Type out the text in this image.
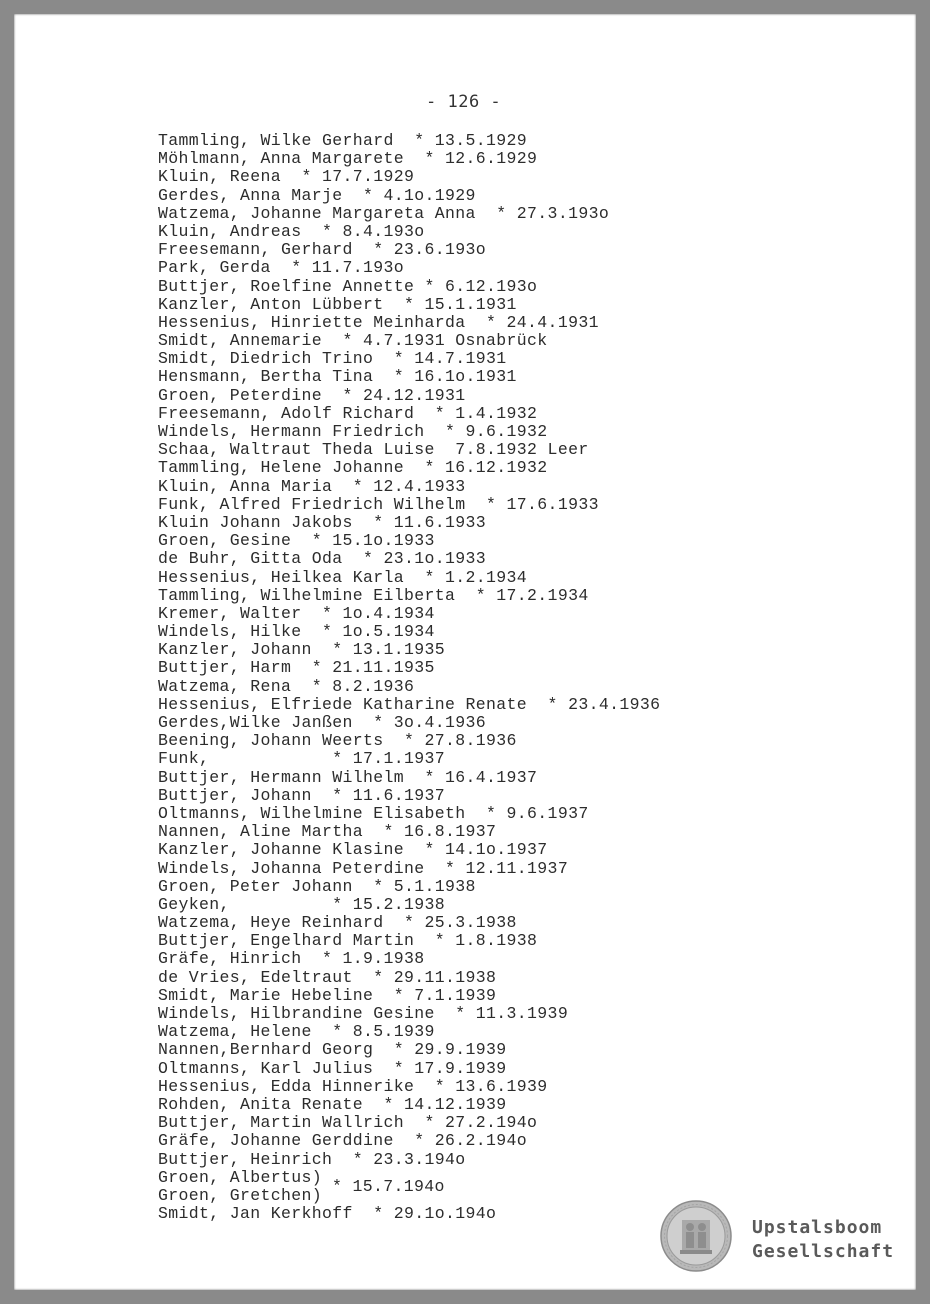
- 126 -
Tammling, Wilke Gerhard  * 13.5.1929
Möhlmann, Anna Margarete  * 12.6.1929
Kluin, Reena  * 17.7.1929
Gerdes, Anna Marje  * 4.1o.1929
Watzema, Johanne Margareta Anna  * 27.3.193o
Kluin, Andreas  * 8.4.193o
Freesemann, Gerhard  * 23.6.193o
Park, Gerda  * 11.7.193o
Buttjer, Roelfine Annette * 6.12.193o
Kanzler, Anton Lübbert  * 15.1.1931
Hessenius, Hinriette Meinharda  * 24.4.1931
Smidt, Annemarie  * 4.7.1931 Osnabrück
Smidt, Diedrich Trino  * 14.7.1931
Hensmann, Bertha Tina  * 16.1o.1931
Groen, Peterdine  * 24.12.1931
Freesemann, Adolf Richard  * 1.4.1932
Windels, Hermann Friedrich  * 9.6.1932
Schaa, Waltraut Theda Luise  7.8.1932 Leer
Tammling, Helene Johanne  * 16.12.1932
Kluin, Anna Maria  * 12.4.1933
Funk, Alfred Friedrich Wilhelm  * 17.6.1933
Kluin Johann Jakobs  * 11.6.1933
Groen, Gesine  * 15.1o.1933
de Buhr, Gitta Oda  * 23.1o.1933
Hessenius, Heilkea Karla  * 1.2.1934
Tammling, Wilhelmine Eilberta  * 17.2.1934
Kremer, Walter  * 1o.4.1934
Windels, Hilke  * 1o.5.1934
Kanzler, Johann  * 13.1.1935
Buttjer, Harm  * 21.11.1935
Watzema, Rena  * 8.2.1936
Hessenius, Elfriede Katharine Renate  * 23.4.1936
Gerdes,Wilke Janßen  * 3o.4.1936
Beening, Johann Weerts  * 27.8.1936
Funk,            * 17.1.1937
Buttjer, Hermann Wilhelm  * 16.4.1937
Buttjer, Johann  * 11.6.1937
Oltmanns, Wilhelmine Elisabeth  * 9.6.1937
Nannen, Aline Martha  * 16.8.1937
Kanzler, Johanne Klasine  * 14.1o.1937
Windels, Johanna Peterdine  * 12.11.1937
Groen, Peter Johann  * 5.1.1938
Geyken,          * 15.2.1938
Watzema, Heye Reinhard  * 25.3.1938
Buttjer, Engelhard Martin  * 1.8.1938
Gräfe, Hinrich  * 1.9.1938
de Vries, Edeltraut  * 29.11.1938
Smidt, Marie Hebeline  * 7.1.1939
Windels, Hilbrandine Gesine  * 11.3.1939
Watzema, Helene  * 8.5.1939
Nannen,Bernhard Georg  * 29.9.1939
Oltmanns, Karl Julius  * 17.9.1939
Hessenius, Edda Hinnerike  * 13.6.1939
Rohden, Anita Renate  * 14.12.1939
Buttjer, Martin Wallrich  * 27.2.194o
Gräfe, Johanne Gerddine  * 26.2.194o
Buttjer, Heinrich  * 23.3.194o
Groen, Albertus)
Groen, Gretchen) * 15.7.194o
Smidt, Jan Kerkhoff  * 29.1o.194o
Upstalsboom
Gesellschaft
